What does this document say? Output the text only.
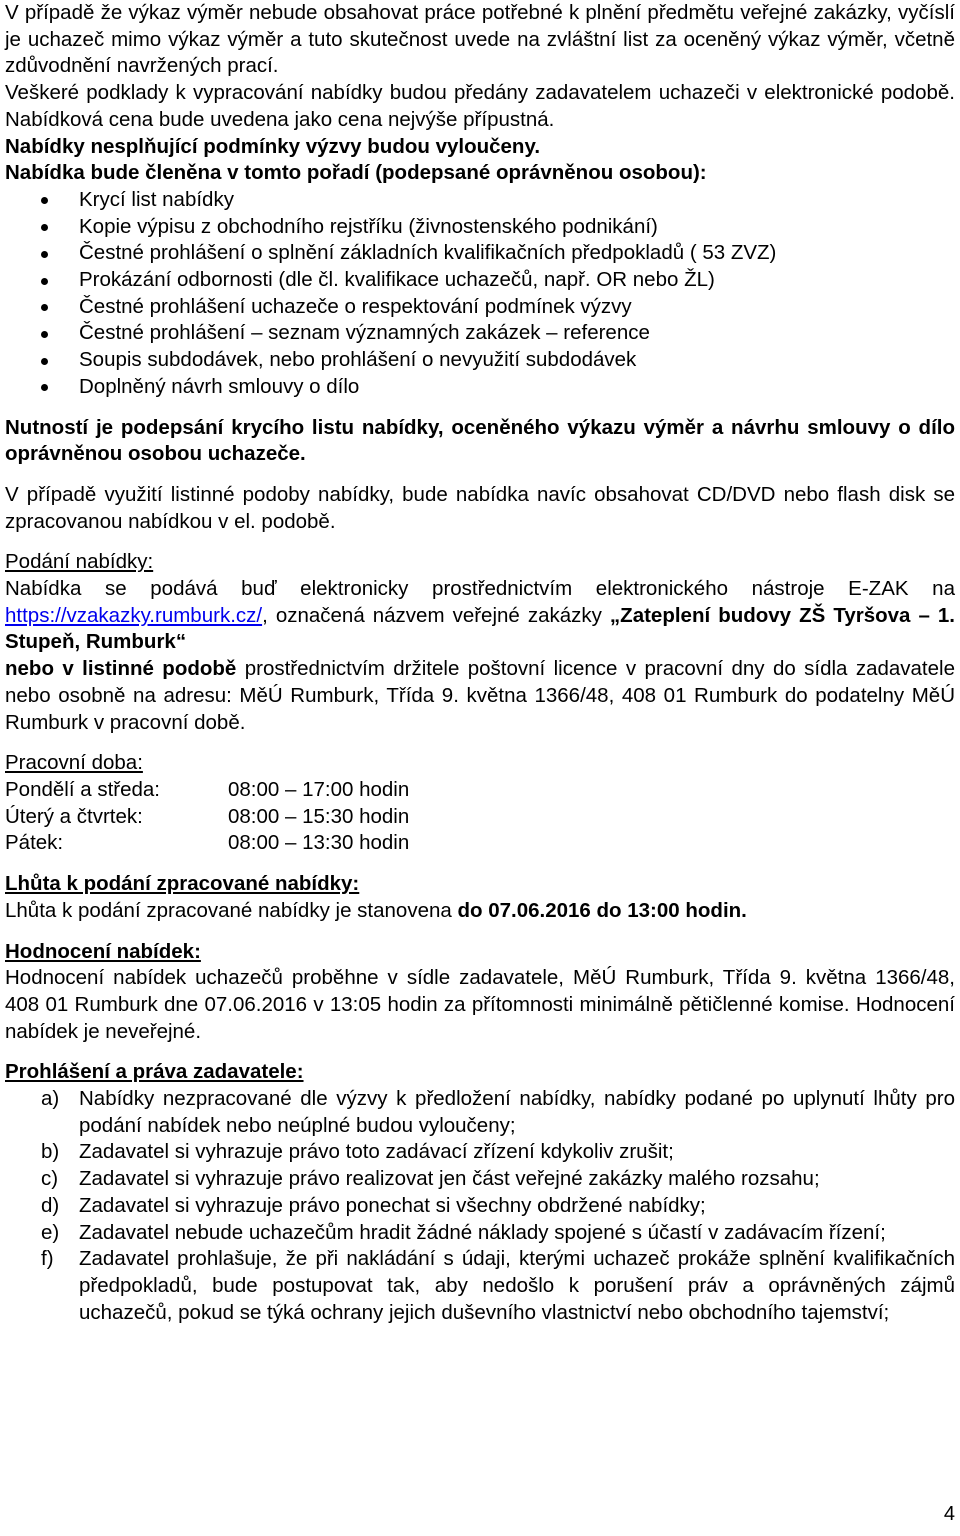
V případě že výkaz výměr nebude obsahovat práce potřebné k plnění předmětu veřejné zakázky, vyčíslí je uchazeč mimo výkaz výměr a tuto skutečnost uvede na zvláštní list za oceněný výkaz výměr, včetně zdůvodnění navržených prací.

Veškeré podklady k vypracování nabídky budou předány zadavatelem uchazeči v elektronické podobě. Nabídková cena bude uvedena jako cena nejvýše přípustná.
Nabídky nesplňující podmínky výzvy budou vyloučeny.

Nabídka bude členěna v tomto pořadí (podepsané oprávněnou osobou):

Krycí list nabídky
Kopie výpisu z obchodního rejstříku (živnostenského podnikání)
Čestné prohlášení o splnění základních kvalifikačních předpokladů ( 53 ZVZ)
Prokázání odbornosti (dle čl. kvalifikace uchazečů, např. OR nebo ŽL)
Čestné prohlášení uchazeče o respektování podmínek výzvy
Čestné prohlášení – seznam významných zakázek – reference
Soupis subdodávek, nebo prohlášení o nevyužití subdodávek
Doplněný návrh smlouvy o dílo

Nutností je podepsání krycího listu nabídky, oceněného výkazu výměr a návrhu smlouvy o dílo oprávněnou osobou uchazeče.

V případě využití listinné podoby nabídky, bude nabídka navíc obsahovat CD/DVD nebo flash disk se zpracovanou nabídkou v el. podobě.

Podání nabídky:

Nabídka se podává buď elektronicky prostřednictvím elektronického nástroje E-ZAK na https://vzakazky.rumburk.cz/, označená názvem veřejné zakázky „Zateplení budovy ZŠ Tyršova – 1. Stupeň, Rumburk“

nebo v listinné podobě prostřednictvím držitele poštovní licence v pracovní dny do sídla zadavatele nebo osobně na adresu: MěÚ Rumburk, Třída 9. května 1366/48, 408 01 Rumburk do podatelny MěÚ Rumburk v pracovní době.

Pracovní doba:

Pondělí a středa:	08:00 – 17:00 hodin
Úterý a čtvrtek:	08:00 – 15:30 hodin
Pátek:	08:00 – 13:30 hodin

Lhůta k podání zpracované nabídky:

Lhůta k podání zpracované nabídky je stanovena do 07.06.2016 do 13:00 hodin.

Hodnocení nabídek:

Hodnocení nabídek uchazečů proběhne v sídle zadavatele, MěÚ Rumburk, Třída 9. května 1366/48, 408 01 Rumburk dne 07.06.2016 v 13:05 hodin za přítomnosti minimálně pětičlenné komise. Hodnocení nabídek je neveřejné.

Prohlášení a práva zadavatele:

a) Nabídky nezpracované dle výzvy k předložení nabídky, nabídky podané po uplynutí lhůty pro podání nabídek nebo neúplné budou vyloučeny;
b) Zadavatel si vyhrazuje právo toto zadávací zřízení kdykoliv zrušit;
c) Zadavatel si vyhrazuje právo realizovat jen část veřejné zakázky malého rozsahu;
d) Zadavatel si vyhrazuje právo ponechat si všechny obdržené nabídky;
e) Zadavatel nebude uchazečům hradit žádné náklady spojené s účastí v zadávacím řízení;
f) Zadavatel prohlašuje, že při nakládání s údaji, kterými uchazeč prokáže splnění kvalifikačních předpokladů, bude postupovat tak, aby nedošlo k porušení práv a oprávněných zájmů uchazečů, pokud se týká ochrany jejich duševního vlastnictví nebo obchodního tajemství;
4
